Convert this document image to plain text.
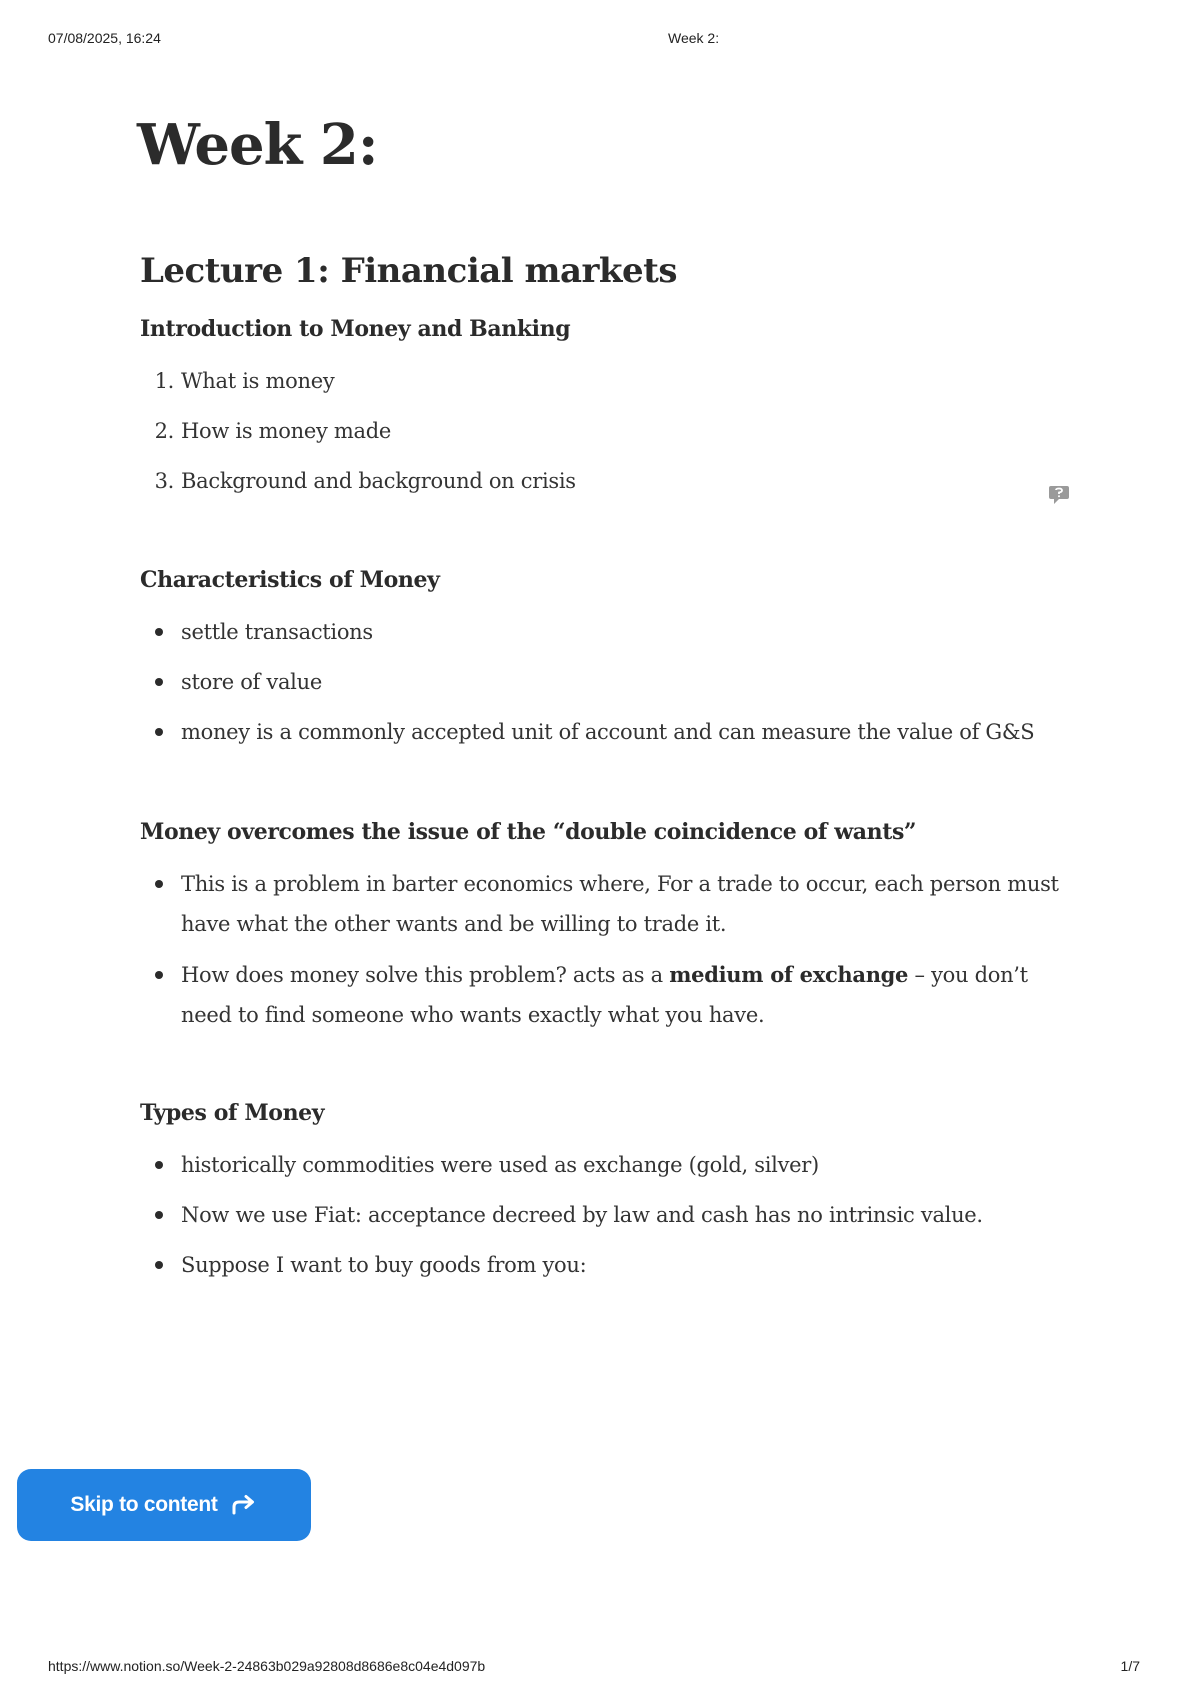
07/08/2025, 16:24	Week 2:
Week 2:
Lecture 1: Financial markets
Introduction to Money and Banking
1. What is money
2. How is money made
3. Background and background on crisis
Characteristics of Money
settle transactions
store of value
money is a commonly accepted unit of account and can measure the value of G&S
Money overcomes the issue of the “double coincidence of wants”
This is a problem in barter economics where, For a trade to occur, each person must have what the other wants and be willing to trade it.
How does money solve this problem? acts as a medium of exchange – you don’t need to find someone who wants exactly what you have.
Types of Money
historically commodities were used as exchange (gold, silver)
Now we use Fiat: acceptance decreed by law and cash has no intrinsic value.
Suppose I want to buy goods from you:
Skip to content
https://www.notion.so/Week-2-24863b029a92808d8686e8c04e4d097b	1/7
